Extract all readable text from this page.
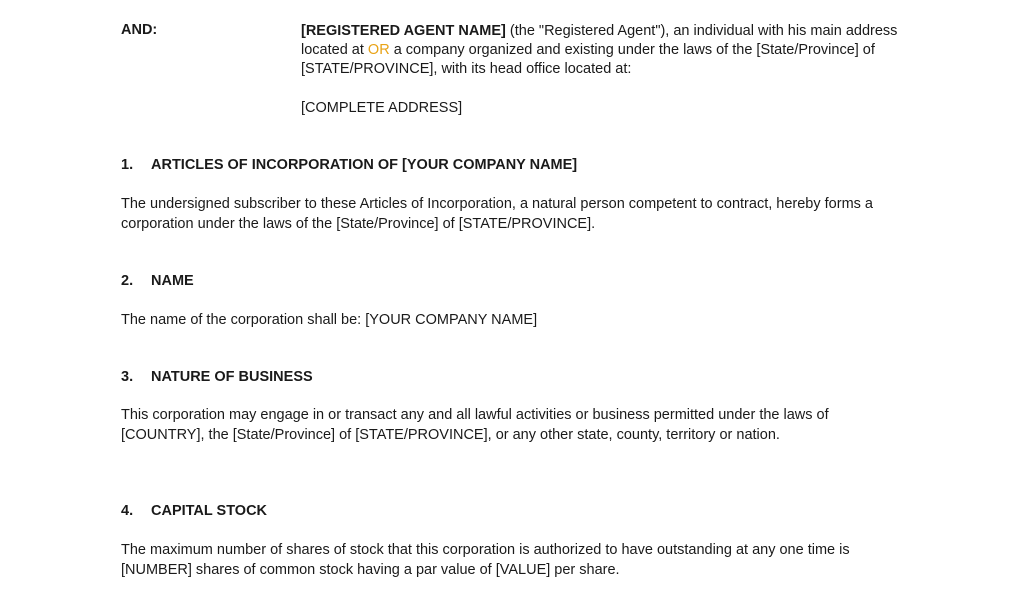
AND:	[REGISTERED AGENT NAME] (the "Registered Agent"), an individual with his main address located at OR a company organized and existing under the laws of the [State/Province] of [STATE/PROVINCE], with its head office located at:
[COMPLETE ADDRESS]
1. ARTICLES OF INCORPORATION OF [YOUR COMPANY NAME]
The undersigned subscriber to these Articles of Incorporation, a natural person competent to contract, hereby forms a corporation under the laws of the [State/Province] of [STATE/PROVINCE].
2. NAME
The name of the corporation shall be: [YOUR COMPANY NAME]
3. NATURE OF BUSINESS
This corporation may engage in or transact any and all lawful activities or business permitted under the laws of [COUNTRY], the [State/Province] of [STATE/PROVINCE], or any other state, county, territory or nation.
4. CAPITAL STOCK
The maximum number of shares of stock that this corporation is authorized to have outstanding at any one time is [NUMBER] shares of common stock having a par value of [VALUE] per share.
